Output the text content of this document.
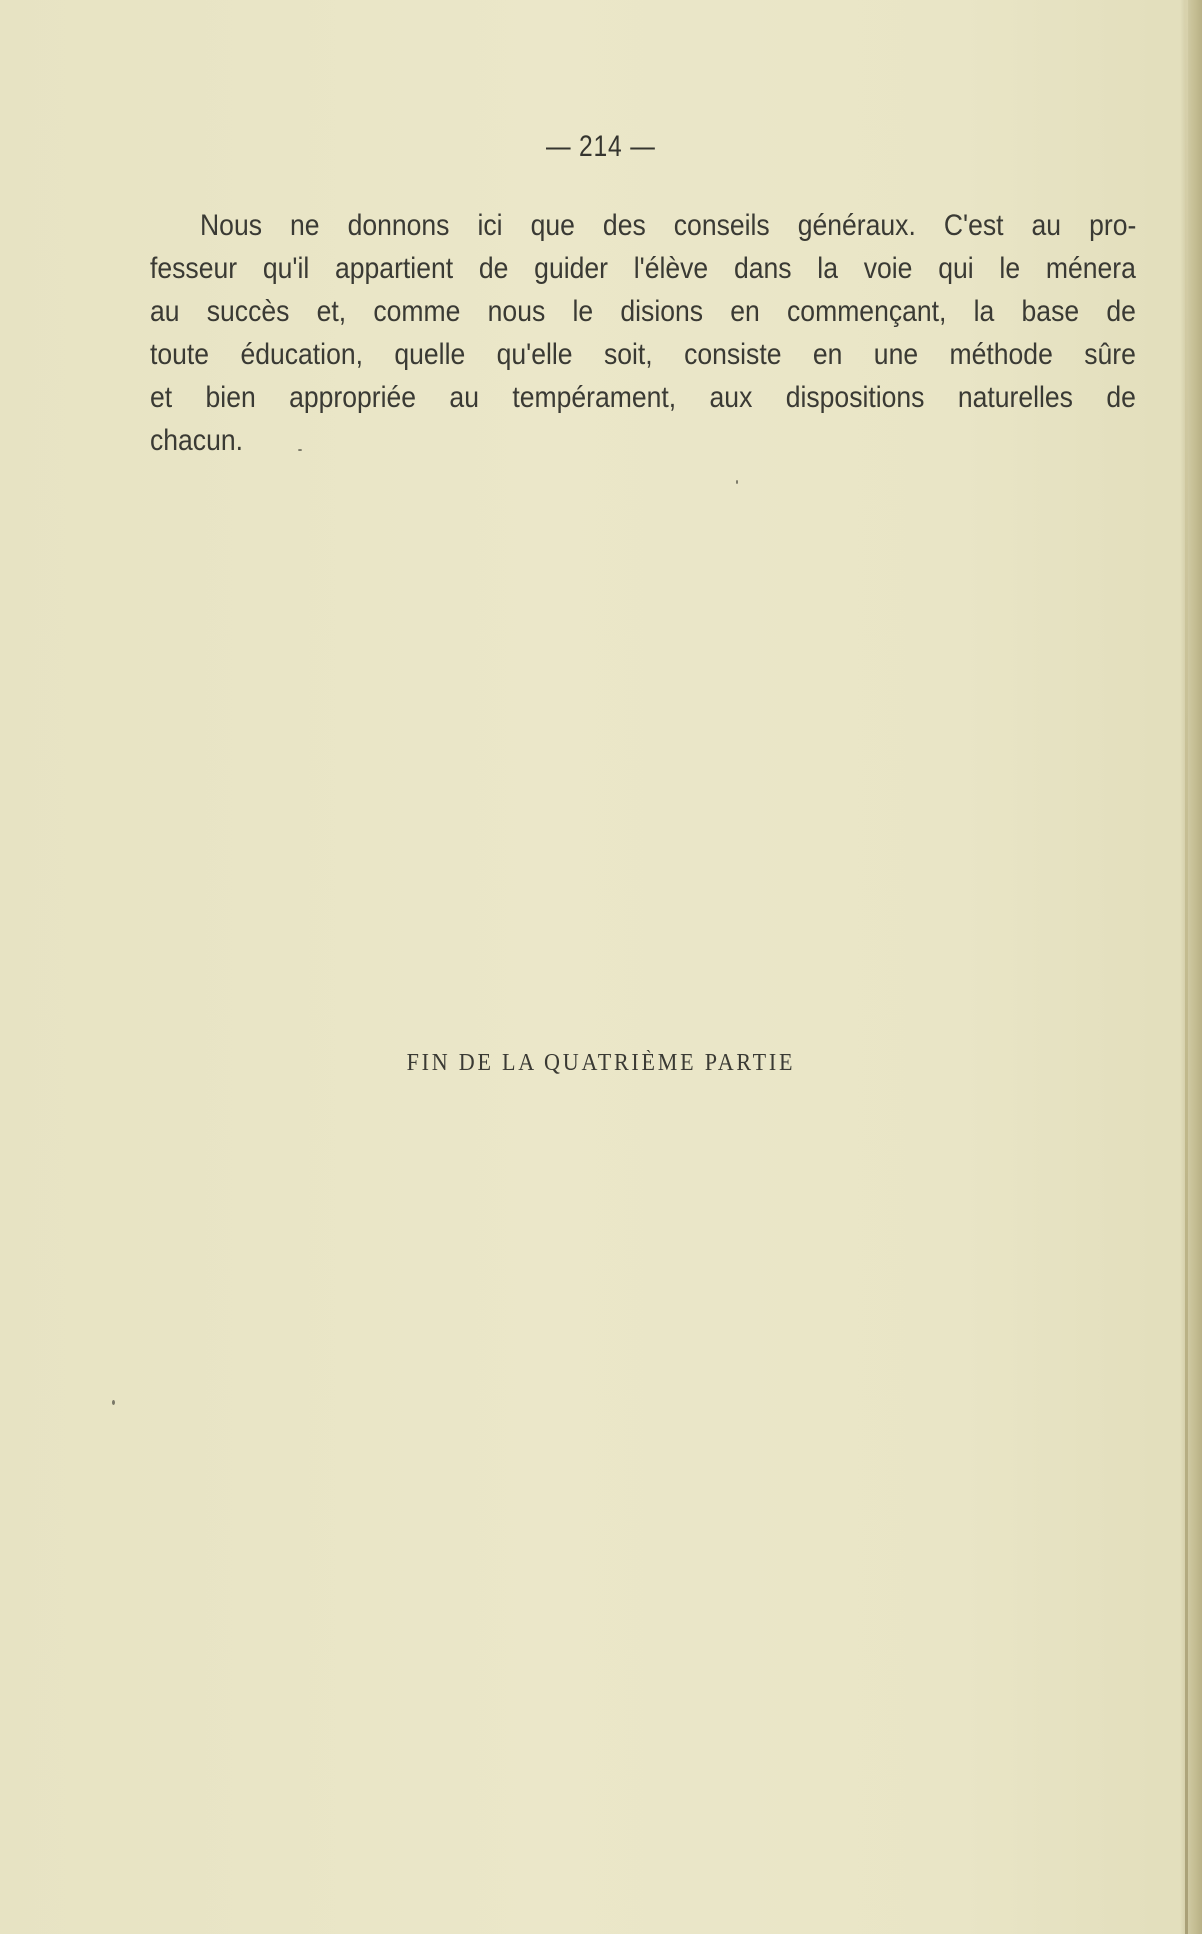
— 214 —
Nous ne donnons ici que des conseils généraux. C'est au pro-
fesseur qu'il appartient de guider l'élève dans la voie qui le ménera
au succès et, comme nous le disions en commençant, la base de
toute éducation, quelle qu'elle soit, consiste en une méthode sûre
et bien appropriée au tempérament, aux dispositions naturelles de
chacun.
FIN DE LA QUATRIÈME PARTIE
